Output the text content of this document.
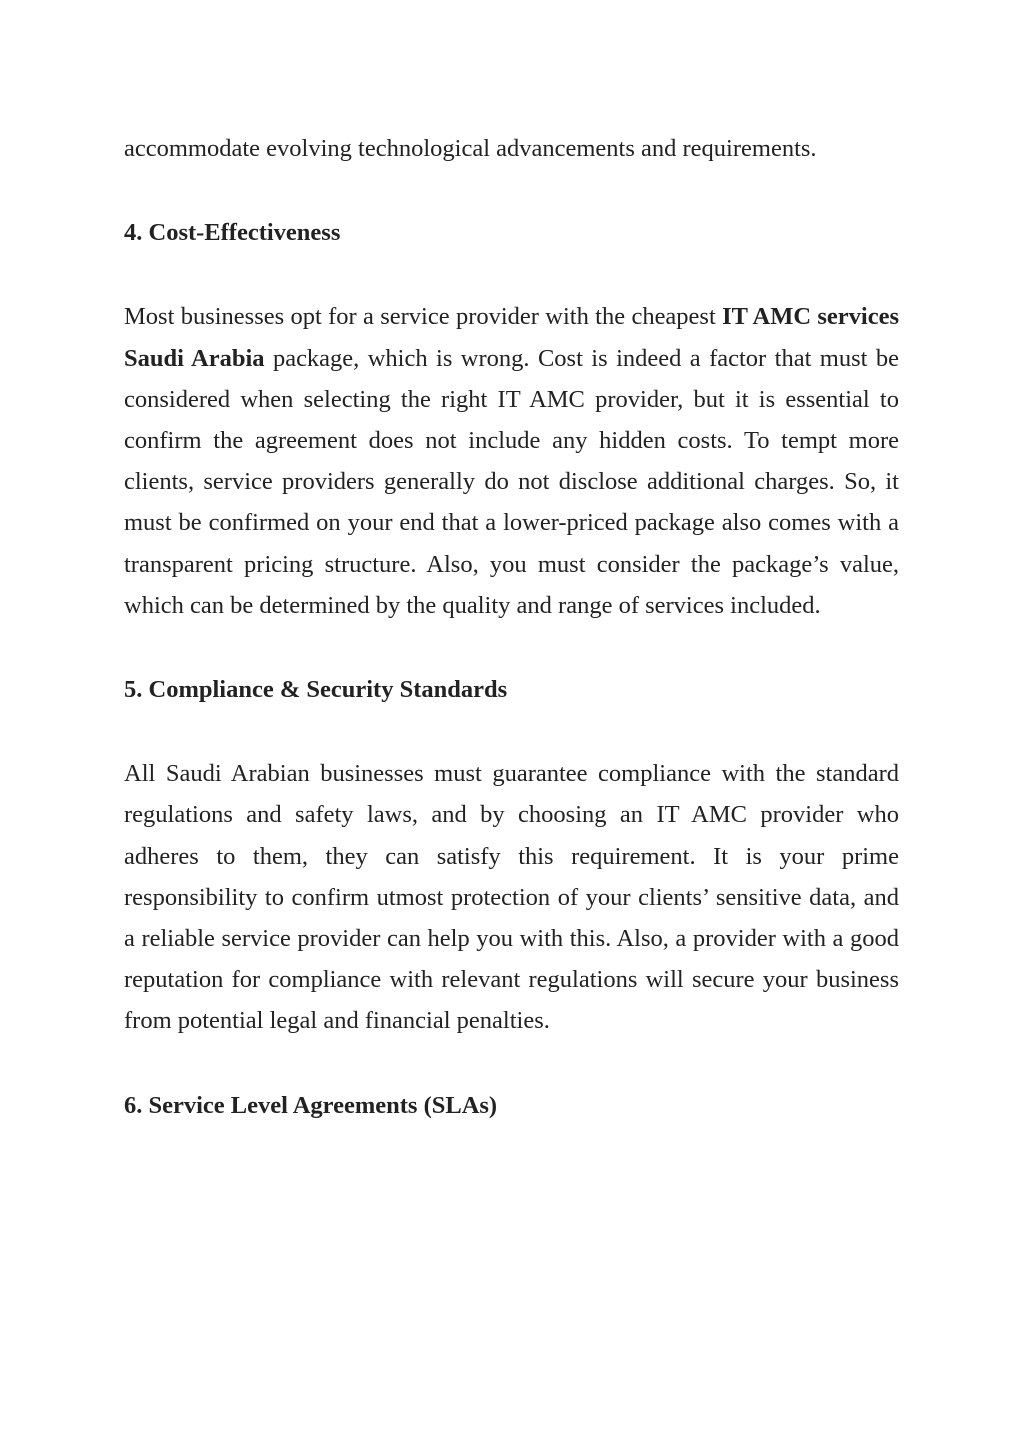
accommodate evolving technological advancements and requirements.

4. Cost-Effectiveness

Most businesses opt for a service provider with the cheapest IT AMC services Saudi Arabia package, which is wrong. Cost is indeed a factor that must be considered when selecting the right IT AMC provider, but it is essential to confirm the agreement does not include any hidden costs. To tempt more clients, service providers generally do not disclose additional charges. So, it must be confirmed on your end that a lower-priced package also comes with a transparent pricing structure. Also, you must consider the package’s value, which can be determined by the quality and range of services included.

5. Compliance & Security Standards

All Saudi Arabian businesses must guarantee compliance with the standard regulations and safety laws, and by choosing an IT AMC provider who adheres to them, they can satisfy this requirement. It is your prime responsibility to confirm utmost protection of your clients’ sensitive data, and a reliable service provider can help you with this. Also, a provider with a good reputation for compliance with relevant regulations will secure your business from potential legal and financial penalties.

6. Service Level Agreements (SLAs)
